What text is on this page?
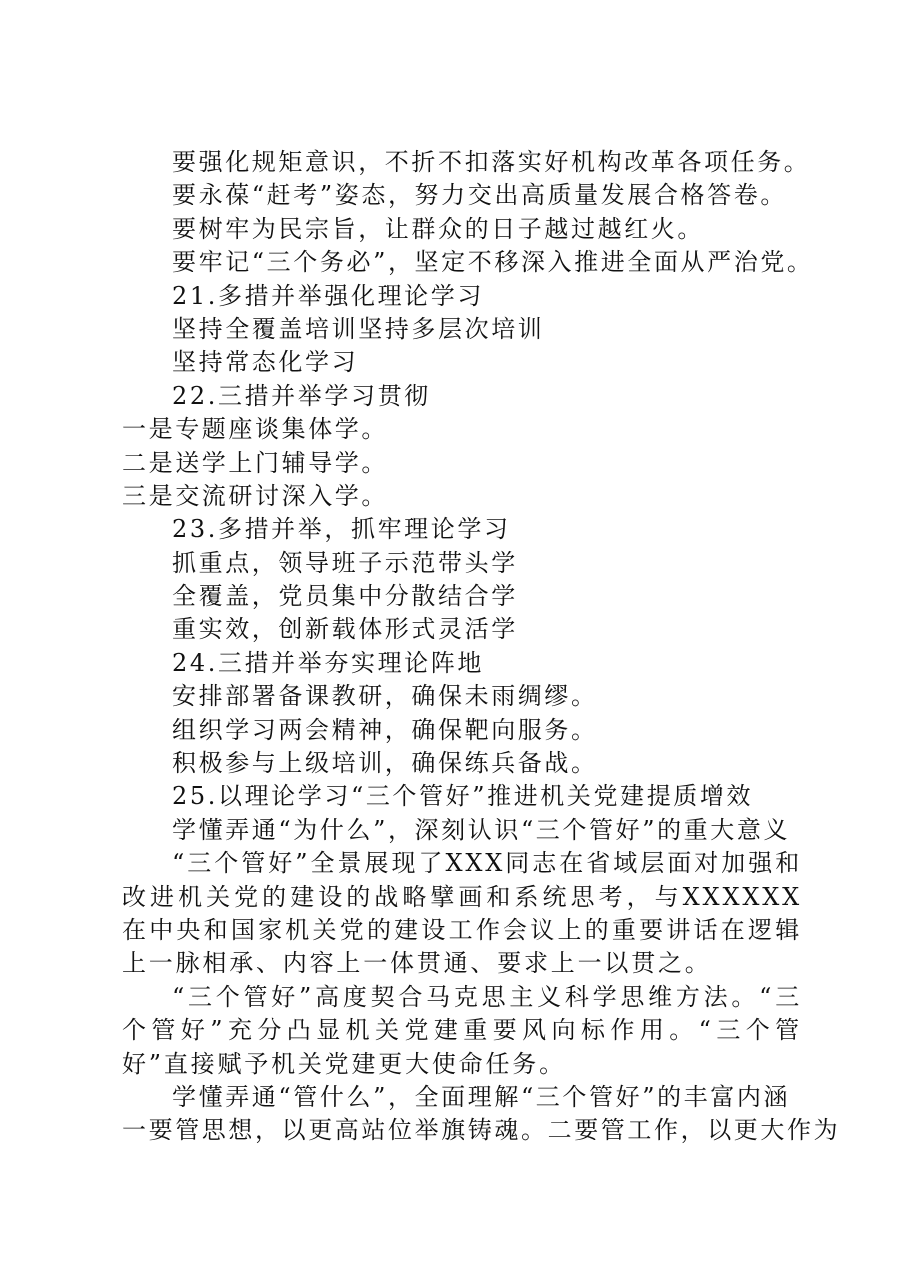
要强化规矩意识，不折不扣落实好机构改革各项任务。
要永葆“赶考”姿态，努力交出高质量发展合格答卷。
要树牢为民宗旨，让群众的日子越过越红火。
要牢记“三个务必”，坚定不移深入推进全面从严治党。
21.多措并举强化理论学习
坚持全覆盖培训坚持多层次培训
坚持常态化学习
22.三措并举学习贯彻
一是专题座谈集体学。
二是送学上门辅导学。
三是交流研讨深入学。
23.多措并举，抓牢理论学习
抓重点，领导班子示范带头学
全覆盖，党员集中分散结合学
重实效，创新载体形式灵活学
24.三措并举夯实理论阵地
安排部署备课教研，确保未雨绸缪。
组织学习两会精神，确保靶向服务。
积极参与上级培训，确保练兵备战。
25.以理论学习“三个管好”推进机关党建提质增效
学懂弄通“为什么”，深刻认识“三个管好”的重大意义

“三个管好”全景展现了XXX同志在省域层面对加强和改进机关党的建设的战略擘画和系统思考，与XXXXXX在中央和国家机关党的建设工作会议上的重要讲话在逻辑上一脉相承、内容上一体贯通、要求上一以贯之。

“三个管好”高度契合马克思主义科学思维方法。“三个管好”充分凸显机关党建重要风向标作用。“三个管好”直接赋予机关党建更大使命任务。

学懂弄通“管什么”，全面理解“三个管好”的丰富内涵
一要管思想，以更高站位举旗铸魂。二要管工作，以更大作为
